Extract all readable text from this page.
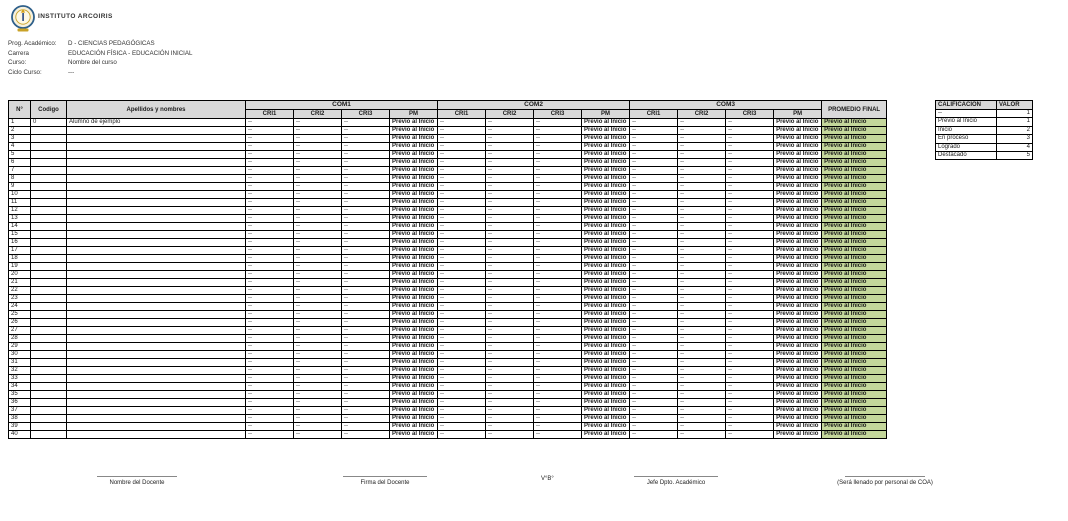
INSTITUTO ARCOIRIS
Prog. Académico:	D - CIENCIAS PEDAGÓGICAS
Carrera	EDUCACIÓN FÍSICA - EDUCACIÓN INICIAL
Curso:	Nombre del curso
Ciclo Curso:	---
N°	Codigo	Apellidos y nombres	COM1				COM2				COM3				PROMEDIO FINAL
			CRI1	CRI2	CRI3	PM	CRI1	CRI2	CRI3	PM	CRI1	CRI2	CRI3	PM	
1	0	Alumno de ejemplo	--	--	--	Previo al Inicio	--	--	--	Previo al Inicio	--	--	--	Previo al Inicio	Previo al Inicio
2			--	--	--	Previo al Inicio	--	--	--	Previo al Inicio	--	--	--	Previo al Inicio	Previo al Inicio
3			--	--	--	Previo al Inicio	--	--	--	Previo al Inicio	--	--	--	Previo al Inicio	Previo al Inicio
4			--	--	--	Previo al Inicio	--	--	--	Previo al Inicio	--	--	--	Previo al Inicio	Previo al Inicio
5			--	--	--	Previo al Inicio	--	--	--	Previo al Inicio	--	--	--	Previo al Inicio	Previo al Inicio
6			--	--	--	Previo al Inicio	--	--	--	Previo al Inicio	--	--	--	Previo al Inicio	Previo al Inicio
7			--	--	--	Previo al Inicio	--	--	--	Previo al Inicio	--	--	--	Previo al Inicio	Previo al Inicio
8			--	--	--	Previo al Inicio	--	--	--	Previo al Inicio	--	--	--	Previo al Inicio	Previo al Inicio
9			--	--	--	Previo al Inicio	--	--	--	Previo al Inicio	--	--	--	Previo al Inicio	Previo al Inicio
10			--	--	--	Previo al Inicio	--	--	--	Previo al Inicio	--	--	--	Previo al Inicio	Previo al Inicio
11			--	--	--	Previo al Inicio	--	--	--	Previo al Inicio	--	--	--	Previo al Inicio	Previo al Inicio
12			--	--	--	Previo al Inicio	--	--	--	Previo al Inicio	--	--	--	Previo al Inicio	Previo al Inicio
13			--	--	--	Previo al Inicio	--	--	--	Previo al Inicio	--	--	--	Previo al Inicio	Previo al Inicio
14			--	--	--	Previo al Inicio	--	--	--	Previo al Inicio	--	--	--	Previo al Inicio	Previo al Inicio
15			--	--	--	Previo al Inicio	--	--	--	Previo al Inicio	--	--	--	Previo al Inicio	Previo al Inicio
16			--	--	--	Previo al Inicio	--	--	--	Previo al Inicio	--	--	--	Previo al Inicio	Previo al Inicio
17			--	--	--	Previo al Inicio	--	--	--	Previo al Inicio	--	--	--	Previo al Inicio	Previo al Inicio
18			--	--	--	Previo al Inicio	--	--	--	Previo al Inicio	--	--	--	Previo al Inicio	Previo al Inicio
19			--	--	--	Previo al Inicio	--	--	--	Previo al Inicio	--	--	--	Previo al Inicio	Previo al Inicio
20			--	--	--	Previo al Inicio	--	--	--	Previo al Inicio	--	--	--	Previo al Inicio	Previo al Inicio
21			--	--	--	Previo al Inicio	--	--	--	Previo al Inicio	--	--	--	Previo al Inicio	Previo al Inicio
22			--	--	--	Previo al Inicio	--	--	--	Previo al Inicio	--	--	--	Previo al Inicio	Previo al Inicio
23			--	--	--	Previo al Inicio	--	--	--	Previo al Inicio	--	--	--	Previo al Inicio	Previo al Inicio
24			--	--	--	Previo al Inicio	--	--	--	Previo al Inicio	--	--	--	Previo al Inicio	Previo al Inicio
25			--	--	--	Previo al Inicio	--	--	--	Previo al Inicio	--	--	--	Previo al Inicio	Previo al Inicio
26			--	--	--	Previo al Inicio	--	--	--	Previo al Inicio	--	--	--	Previo al Inicio	Previo al Inicio
27			--	--	--	Previo al Inicio	--	--	--	Previo al Inicio	--	--	--	Previo al Inicio	Previo al Inicio
28			--	--	--	Previo al Inicio	--	--	--	Previo al Inicio	--	--	--	Previo al Inicio	Previo al Inicio
29			--	--	--	Previo al Inicio	--	--	--	Previo al Inicio	--	--	--	Previo al Inicio	Previo al Inicio
30			--	--	--	Previo al Inicio	--	--	--	Previo al Inicio	--	--	--	Previo al Inicio	Previo al Inicio
31			--	--	--	Previo al Inicio	--	--	--	Previo al Inicio	--	--	--	Previo al Inicio	Previo al Inicio
32			--	--	--	Previo al Inicio	--	--	--	Previo al Inicio	--	--	--	Previo al Inicio	Previo al Inicio
33			--	--	--	Previo al Inicio	--	--	--	Previo al Inicio	--	--	--	Previo al Inicio	Previo al Inicio
34			--	--	--	Previo al Inicio	--	--	--	Previo al Inicio	--	--	--	Previo al Inicio	Previo al Inicio
35			--	--	--	Previo al Inicio	--	--	--	Previo al Inicio	--	--	--	Previo al Inicio	Previo al Inicio
36			--	--	--	Previo al Inicio	--	--	--	Previo al Inicio	--	--	--	Previo al Inicio	Previo al Inicio
37			--	--	--	Previo al Inicio	--	--	--	Previo al Inicio	--	--	--	Previo al Inicio	Previo al Inicio
38			--	--	--	Previo al Inicio	--	--	--	Previo al Inicio	--	--	--	Previo al Inicio	Previo al Inicio
39			--	--	--	Previo al Inicio	--	--	--	Previo al Inicio	--	--	--	Previo al Inicio	Previo al Inicio
40			--	--	--	Previo al Inicio	--	--	--	Previo al Inicio	--	--	--	Previo al Inicio	Previo al Inicio
CALIFICACION	VALOR
--	1
Previo al Inicio	1
Inicio	2
En proceso	3
Logrado	4
Destacado	5
Nombre del Docente	Firma del Docente
V°B°
Jefe Dpto. Académico	(Será llenado por personal de COA)
